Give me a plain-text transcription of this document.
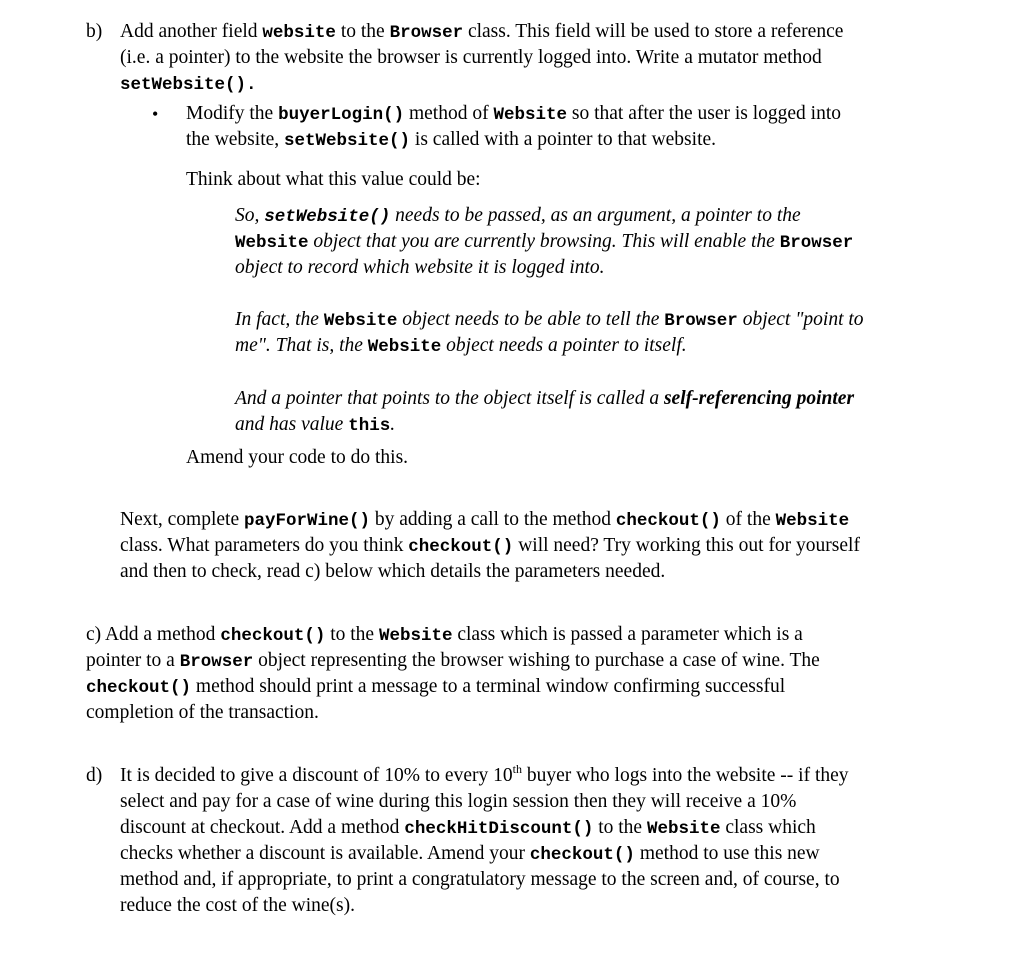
b) Add another field website to the Browser class. This field will be used to store a reference
(i.e. a pointer) to the website the browser is currently logged into. Write a mutator method
setWebsite().
• Modify the buyerLogin() method of Website so that after the user is logged into
the website, setWebsite() is called with a pointer to that website.
Think about what this value could be:
So, setWebsite() needs to be passed, as an argument, a pointer to the
Website object that you are currently browsing. This will enable the Browser
object to record which website it is logged into.
In fact, the Website object needs to be able to tell the Browser object "point to
me". That is, the Website object needs a pointer to itself.
And a pointer that points to the object itself is called a self-referencing pointer
and has value this.
Amend your code to do this.
Next, complete payForWine() by adding a call to the method checkout() of the Website
class. What parameters do you think checkout() will need? Try working this out for yourself
and then to check, read c) below which details the parameters needed.
c) Add a method checkout() to the Website class which is passed a parameter which is a
pointer to a Browser object representing the browser wishing to purchase a case of wine. The
checkout() method should print a message to a terminal window confirming successful
completion of the transaction.
d) It is decided to give a discount of 10% to every 10th buyer who logs into the website -- if they
select and pay for a case of wine during this login session then they will receive a 10%
discount at checkout. Add a method checkHitDiscount() to the Website class which
checks whether a discount is available. Amend your checkout() method to use this new
method and, if appropriate, to print a congratulatory message to the screen and, of course, to
reduce the cost of the wine(s).
